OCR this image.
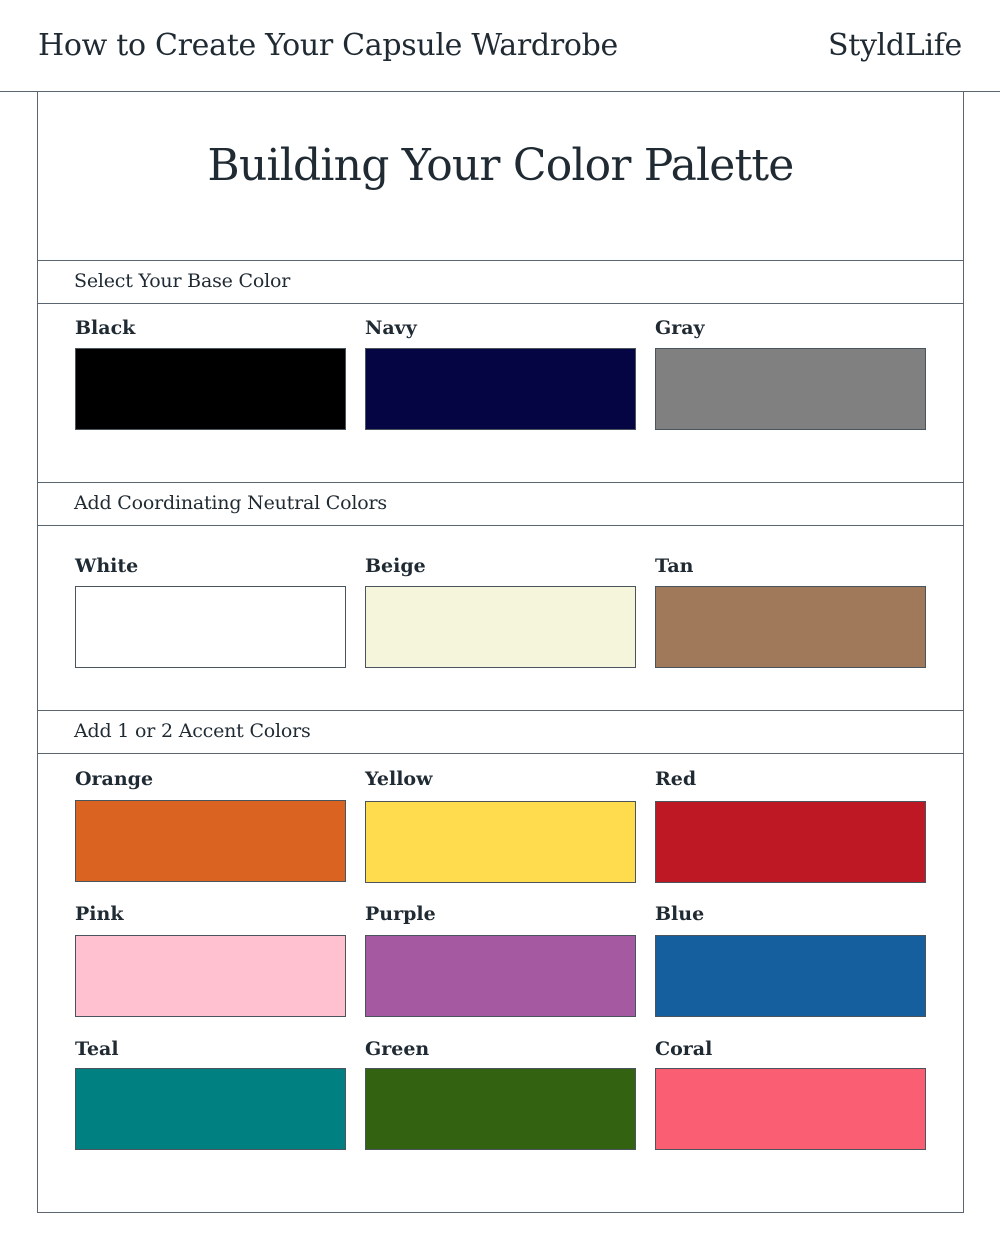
How to Create Your Capsule Wardrobe	StyldLife
Building Your Color Palette
Select Your Base Color
Black	Navy	Gray
Add Coordinating Neutral Colors
White	Beige	Tan
Add 1 or 2 Accent Colors
Orange	Yellow	Red
Pink	Purple	Blue
Teal	Green	Coral
